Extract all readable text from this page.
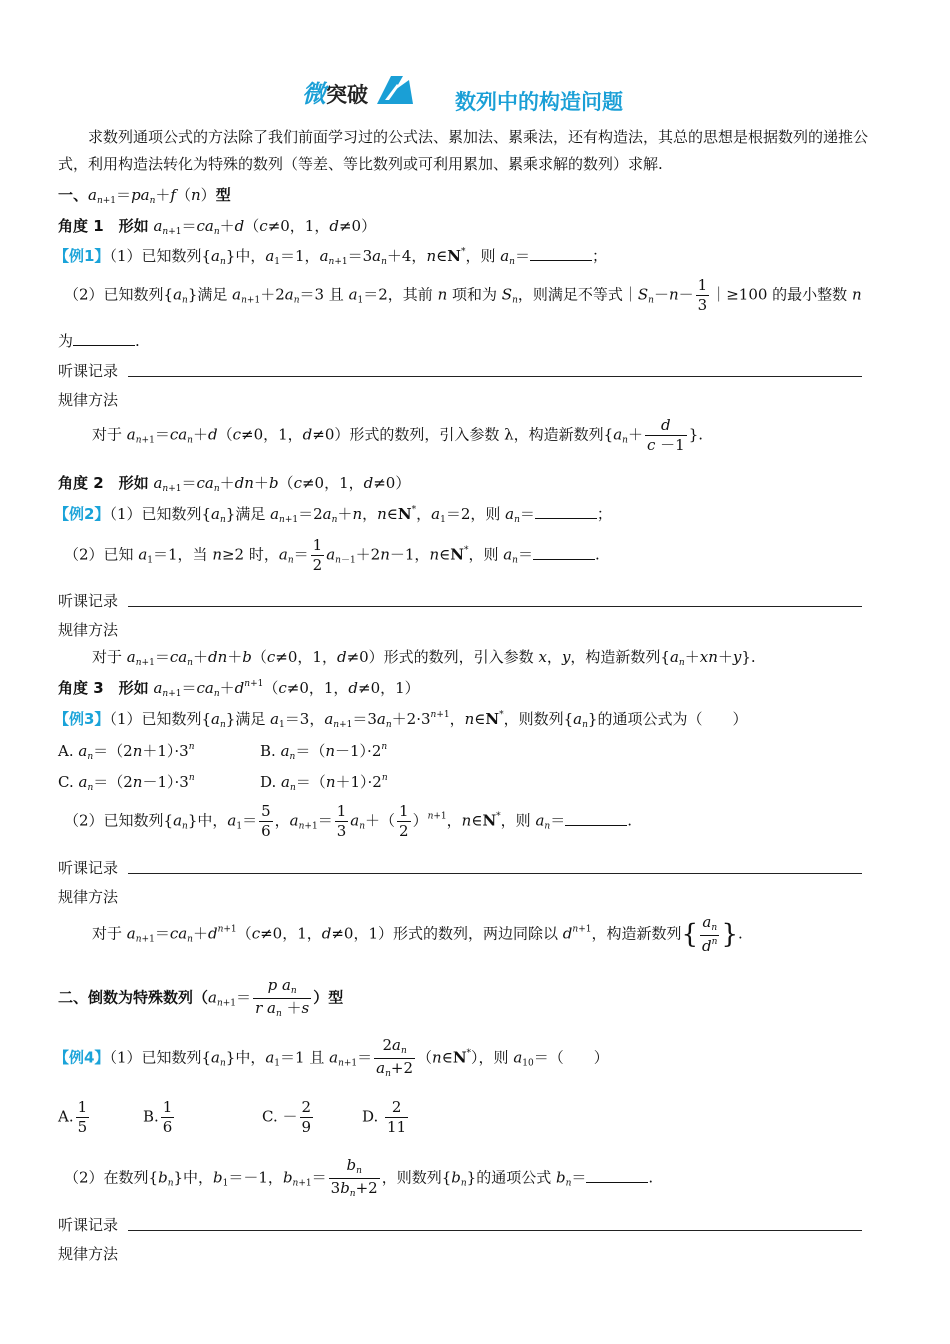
微突破	数列中的构造问题
求数列通项公式的方法除了我们前面学习过的公式法、累加法、累乘法，还有构造法，其总的思想是根据数列的递推公式，利用构造法转化为特殊的数列（等差、等比数列或可利用累加、累乘求解的数列）求解.
一、$a_{n+1}=pa_n+f(n)$型
角度 1　形如 $a_{n+1}=ca_n+d(c\ne 0$，1，d≠0）
【例1】（1）已知数列$\{a_n\}$中，$a_1=1$，$a_{n+1}=3a_n+4$，n∈N*，则 $a_n=$	；
（2）已知数列$\{a_n\}$满足 $a_{n+1}+2a_n=3$ 且 $a_1=2$，其前 n 项和为 $S_n$，则满足不等式$|S_n-n- \frac{1}{3}$ ｜≥100 的最小整数 n
为	.
听课记录
规律方法
对于 $a_{n+1}=ca_n+d(c\ne 0$，1，d≠0）形式的数列，引入参数 λ，构造新数列{$a_n+ \frac{d}{c -1}$ }.
角度 2　形如 $a_{n+1}=ca_n+dn+b(c\ne 0$，1，d≠0）
【例2】（1）已知数列$\{a_n\}$满足 $a_{n+1}=2a_n+n$，n∈N*，$a_1=2$，则 $a_n=$	；
（2）已知 $a_1=1$，当 n≥2 时，$a_n= \frac{1}{2} a_{n-1}+2n-1$，n∈N*，则 $a_n=$	.
听课记录
规律方法
对于 $a_{n+1}=ca_n+dn+b(c\ne 0$，1，d≠0）形式的数列，引入参数 x，y，构造新数列$\{a_n+xn+y\}$.
角度 3　形如 $a_{n+1}=ca_n+d^{n+1}(c\ne 0$，1，d≠0，1）
【例3】（1）已知数列$\{a_n\}$满足 $a_1=3$，$a_{n+1}=3a_n+2\cdot 3^{n+1}$，n∈N*，则数列$\{a_n\}$的通项公式为（　　）
A. $a_n=(2n+1)\cdot 3^n$	B. $a_n=(n-1)\cdot 2^n$
C. $a_n=(2n-1)\cdot 3^n$	D. $a_n=(n+1)\cdot 2^n$
（2）已知数列$\{a_n\}$中，$a_1= \frac{5}{6}$ ，$a_{n+1}= \frac{1}{3} a_n+( \frac{1}{2} )^{n+1}$，n∈N*，则 $a_n=$	.
听课记录
规律方法
对于 $a_{n+1}=ca_n+d^{n+1}(c\ne 0$，1，d≠0，1）形式的数列，两边同除以 $d^{n+1}$，构造新数列{ $\frac{a_n}{d^n}$ }.
二、倒数为特殊数列（$a_{n+1}= \frac{p a_n}{r a_n +s}$ ）型
【例4】（1）已知数列$\{a_n\}$中，$a_1=1$ 且 $a_{n+1}= \frac{2a_n}{a_n+2}$ （n∈N*），则 $a_{10}=$（　　）
A. $\frac{1}{5}$	B. $\frac{1}{6}$	C. － $\frac{2}{9}$	D. $\frac{2}{11}$
（2）在数列$\{b_n\}$中，$b_1=-1$，$b_{n+1}= \frac{b_n}{3b_n+2}$ ，则数列$\{b_n\}$的通项公式 $b_n=$	.
听课记录
规律方法
